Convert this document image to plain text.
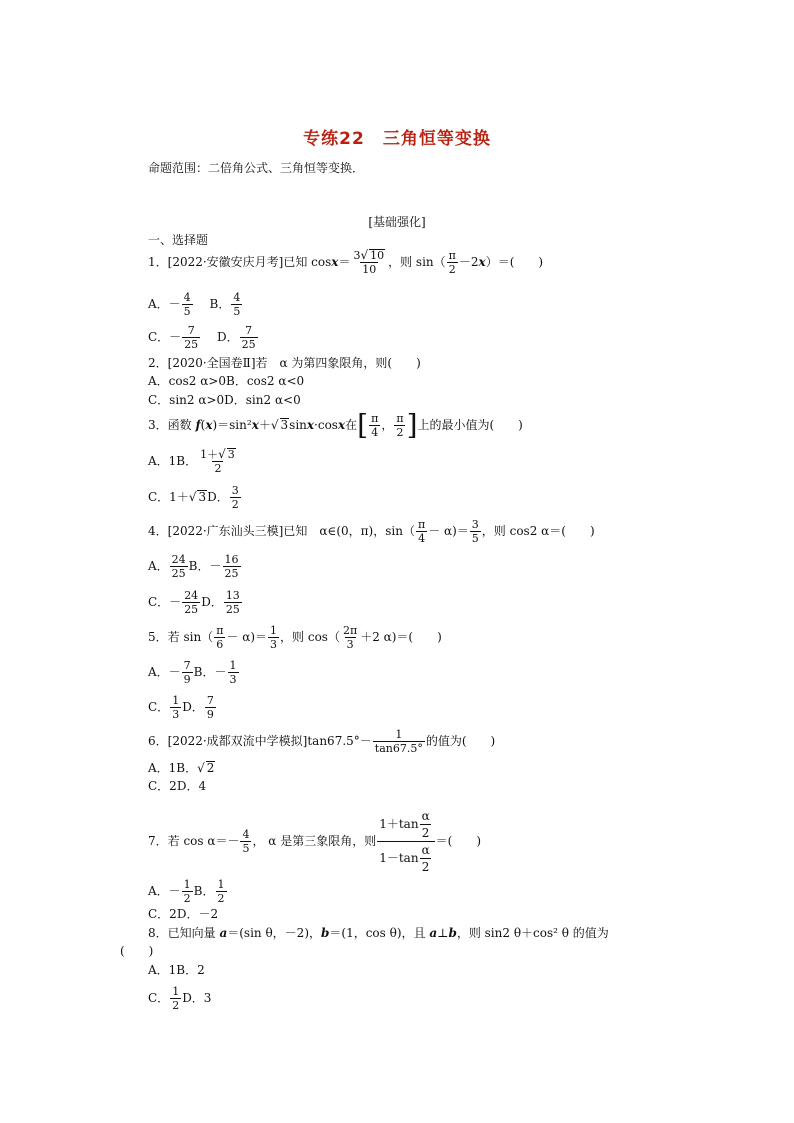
专练22　三角恒等变换
命题范围：二倍角公式、三角恒等变换．
[基础强化]
一、选择题
1．[2022·安徽安庆月考]已知 $\cos x= \frac{3√ 10}{10}$ ，则 $\sin( \frac{\pi}{2} -2x)=$(　　)
A．－ $\frac{4}{5}$ B． $\frac{4}{5}$
C．－ $\frac{7}{25}$ D． $\frac{7}{25}$
2．[2020·全国卷Ⅱ]若　α 为第四象限角，则(　　)
A．cos2 α>0B．cos2 α<0
C．sin2 α>0D．sin2 α<0
3．函数 f(x)＝sin²x＋√ 3sinx·cosx在[ $\frac{\pi}{4}$ ， $\frac{\pi}{2}$ ]上的最小值为(　　)
A．1B． $\frac{1+√ 3}{2}$
C．1＋√ 3D． $\frac{3}{2}$
4．[2022·广东汕头三模]已知　α∈(0，π)，$\sin( \frac{\pi}{4} - \alpha)= \frac{3}{5}$ ，则 cos2 α＝(　　)
A． $\frac{24}{25}$ B．－ $\frac{16}{25}$
C．－ $\frac{24}{25}$ D． $\frac{13}{25}$
5．若 $\sin( \frac{\pi}{6} - \alpha)= \frac{1}{3}$ ，则 $\cos( \frac{2\pi}{3} +2$ α)＝(　　)
A．－ $\frac{7}{9}$ B．－ $\frac{1}{3}$
C． $\frac{1}{3}$ D． $\frac{7}{9}$
6．[2022·成都双流中学模拟]$\tan 67.5^\circ- \frac{1}{\tan 67.5^\circ}$ 的值为(　　)
A．1B．√ 2
C．2D．4
7．若 $\cos \alpha=- \frac{4}{5}$ ， α 是第三象限角，则 $\frac{1+\tan \frac{\alpha}{2}}{1-\tan \frac{\alpha}{2}}$ ＝(　　)
A．－ $\frac{1}{2}$ B． $\frac{1}{2}$
C．2D．－2
8．已知向量 a＝(sin θ，－2)，b＝(1，cos θ)，且 a⊥b，则 sin2 θ＋cos² θ 的值为
(　　)
A．1B．2
C． $\frac{1}{2}$ D．3
